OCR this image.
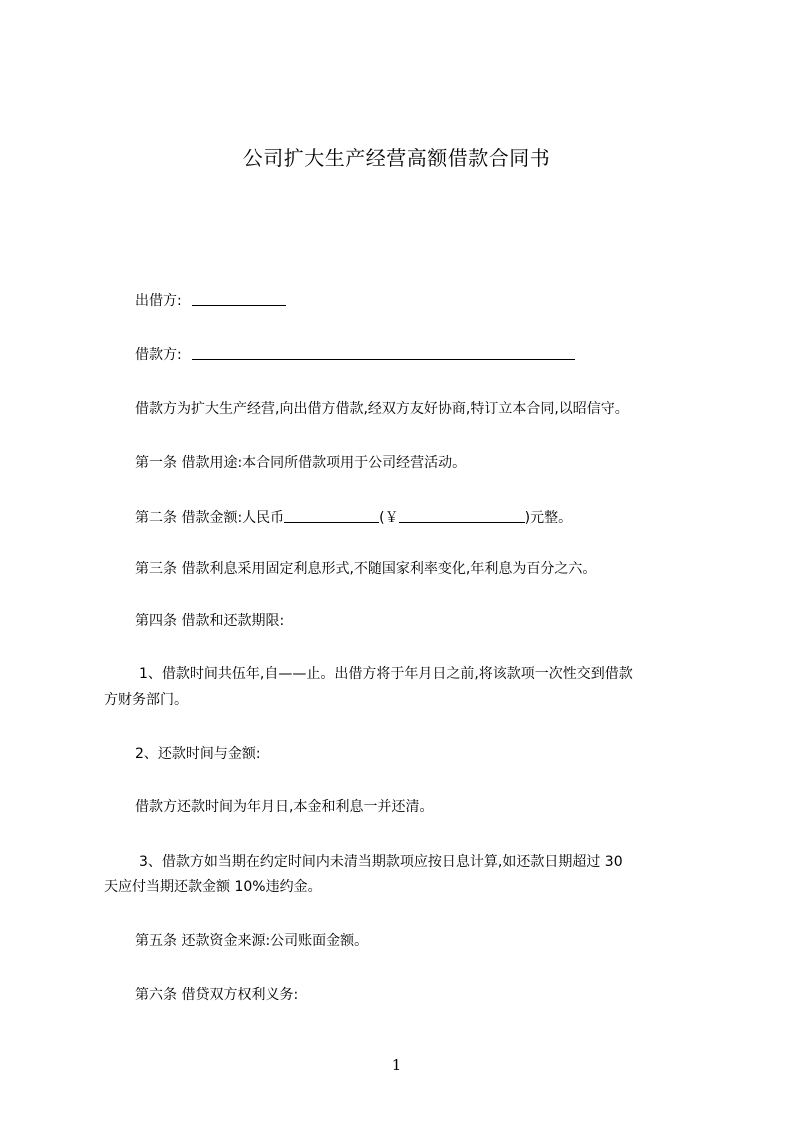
公司扩大生产经营高额借款合同书
出借方:
借款方:
借款方为扩大生产经营,向出借方借款,经双方友好协商,特订立本合同,以昭信守。
第一条 借款用途:本合同所借款项用于公司经营活动。
第二条 借款金额:人民币	(￥	)元整。
第三条 借款利息采用固定利息形式,不随国家利率变化,年利息为百分之六。
第四条 借款和还款期限:
1、借款时间共伍年,自——止。出借方将于年月日之前,将该款项一次性交到借款
方财务部门。
2、还款时间与金额:
借款方还款时间为年月日,本金和利息一并还清。
3、借款方如当期在约定时间内未清当期款项应按日息计算,如还款日期超过 30
天应付当期还款金额 10%违约金。
第五条 还款资金来源:公司账面金额。
第六条 借贷双方权利义务:
1
